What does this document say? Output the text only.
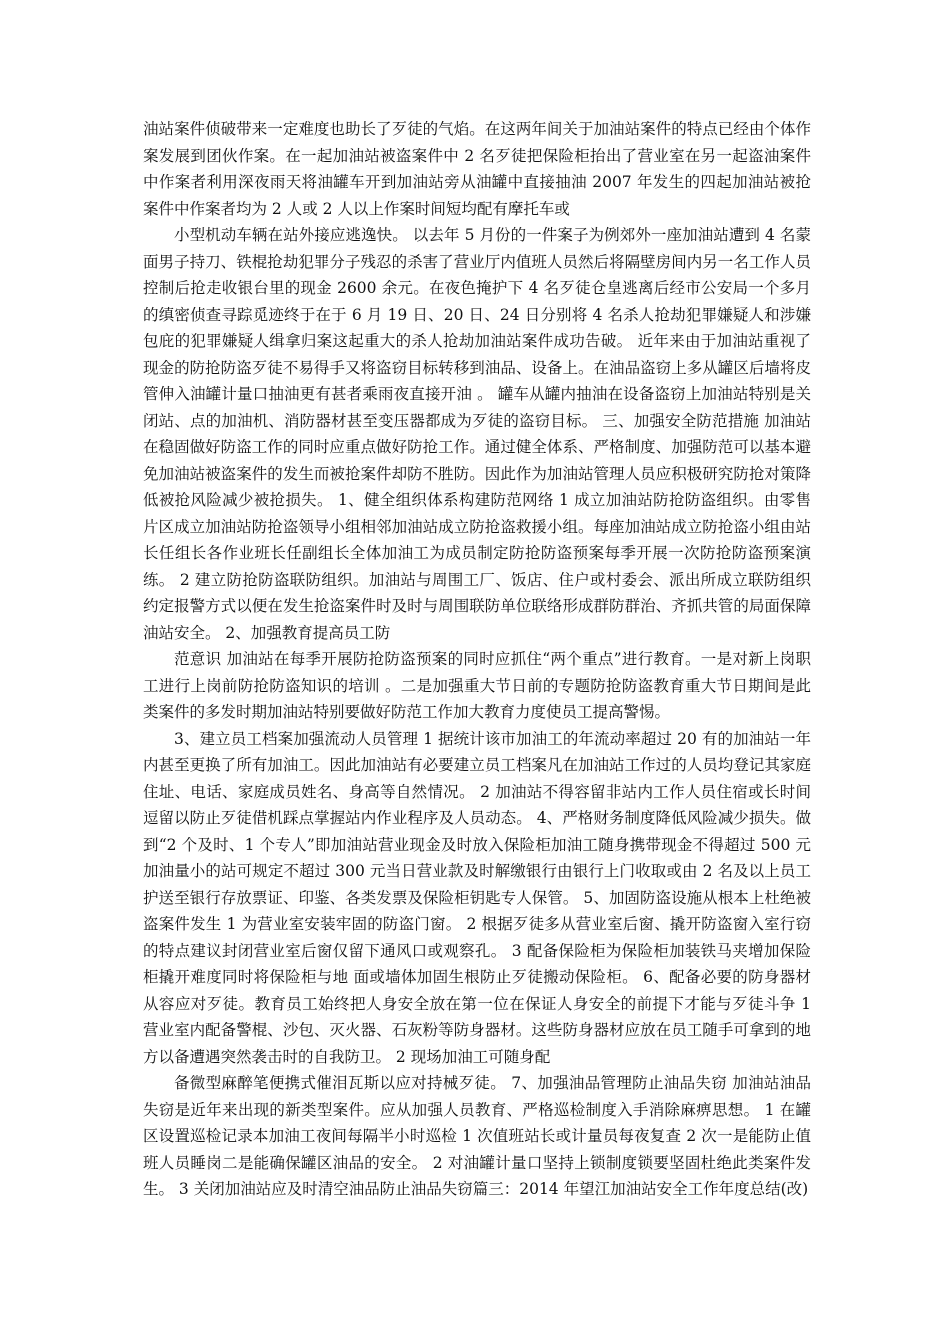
油站案件侦破带来一定难度也助长了歹徒的气焰。在这两年间关于加油站案件的特点已经由个体作案发展到团伙作案。在一起加油站被盗案件中 2 名歹徒把保险柜抬出了营业室在另一起盗油案件中作案者利用深夜雨天将油罐车开到加油站旁从油罐中直接抽油 2007 年发生的四起加油站被抢案件中作案者均为 2 人或 2 人以上作案时间短均配有摩托车或

小型机动车辆在站外接应逃逸快。 以去年 5 月份的一件案子为例郊外一座加油站遭到 4 名蒙面男子持刀、铁棍抢劫犯罪分子残忍的杀害了营业厅内值班人员然后将隔壁房间内另一名工作人员控制后抢走收银台里的现金 2600 余元。在夜色掩护下 4 名歹徒仓皇逃离后经市公安局一个多月的缜密侦查寻踪觅迹终于在于 6 月 19 日、20 日、24 日分别将 4 名杀人抢劫犯罪嫌疑人和涉嫌包庇的犯罪嫌疑人缉拿归案这起重大的杀人抢劫加油站案件成功告破。 近年来由于加油站重视了现金的防抢防盗歹徒不易得手又将盗窃目标转移到油品、设备上。在油品盗窃上多从罐区后墙将皮管伸入油罐计量口抽油更有甚者乘雨夜直接开油 。 罐车从罐内抽油在设备盗窃上加油站特别是关闭站、点的加油机、消防器材甚至变压器都成为歹徒的盗窃目标。 三、加强安全防范措施 加油站在稳固做好防盗工作的同时应重点做好防抢工作。通过健全体系、严格制度、加强防范可以基本避免加油站被盗案件的发生而被抢案件却防不胜防。因此作为加油站管理人员应积极研究防抢对策降低被抢风险减少被抢损失。 1、健全组织体系构建防范网络 1 成立加油站防抢防盗组织。由零售片区成立加油站防抢盗领导小组相邻加油站成立防抢盗救援小组。每座加油站成立防抢盗小组由站长任组长各作业班长任副组长全体加油工为成员制定防抢防盗预案每季开展一次防抢防盗预案演练。 2 建立防抢防盗联防组织。加油站与周围工厂、饭店、住户或村委会、派出所成立联防组织约定报警方式以便在发生抢盗案件时及时与周围联防单位联络形成群防群治、齐抓共管的局面保障油站安全。 2、加强教育提高员工防

范意识 加油站在每季开展防抢防盗预案的同时应抓住“两个重点”进行教育。一是对新上岗职工进行上岗前防抢防盗知识的培训 。二是加强重大节日前的专题防抢防盗教育重大节日期间是此类案件的多发时期加油站特别要做好防范工作加大教育力度使员工提高警惕。

3、建立员工档案加强流动人员管理 1 据统计该市加油工的年流动率超过 20 有的加油站一年内甚至更换了所有加油工。因此加油站有必要建立员工档案凡在加油站工作过的人员均登记其家庭住址、电话、家庭成员姓名、身高等自然情况。 2 加油站不得容留非站内工作人员住宿或长时间逗留以防止歹徒借机踩点掌握站内作业程序及人员动态。 4、严格财务制度降低风险减少损失。做到“2 个及时、1 个专人”即加油站营业现金及时放入保险柜加油工随身携带现金不得超过 500 元加油量小的站可规定不超过 300 元当日营业款及时解缴银行由银行上门收取或由 2 名及以上员工护送至银行存放票证、印鉴、各类发票及保险柜钥匙专人保管。 5、加固防盗设施从根本上杜绝被盗案件发生 1 为营业室安装牢固的防盗门窗。 2 根据歹徒多从营业室后窗、撬开防盗窗入室行窃的特点建议封闭营业室后窗仅留下通风口或观察孔。 3 配备保险柜为保险柜加装铁马夹增加保险柜撬开难度同时将保险柜与地 面或墙体加固生根防止歹徒搬动保险柜。 6、配备必要的防身器材从容应对歹徒。教育员工始终把人身安全放在第一位在保证人身安全的前提下才能与歹徒斗争 1 营业室内配备警棍、沙包、灭火器、石灰粉等防身器材。这些防身器材应放在员工随手可拿到的地方以备遭遇突然袭击时的自我防卫。 2 现场加油工可随身配

备微型麻醉笔便携式催泪瓦斯以应对持械歹徒。 7、加强油品管理防止油品失窃 加油站油品失窃是近年来出现的新类型案件。应从加强人员教育、严格巡检制度入手消除麻痹思想。 1 在罐区设置巡检记录本加油工夜间每隔半小时巡检 1 次值班站长或计量员每夜复查 2 次一是能防止值班人员睡岗二是能确保罐区油品的安全。 2 对油罐计量口坚持上锁制度锁要坚固杜绝此类案件发生。 3 关闭加油站应及时清空油品防止油品失窃篇三：2014 年望江加油站安全工作年度总结(改)
